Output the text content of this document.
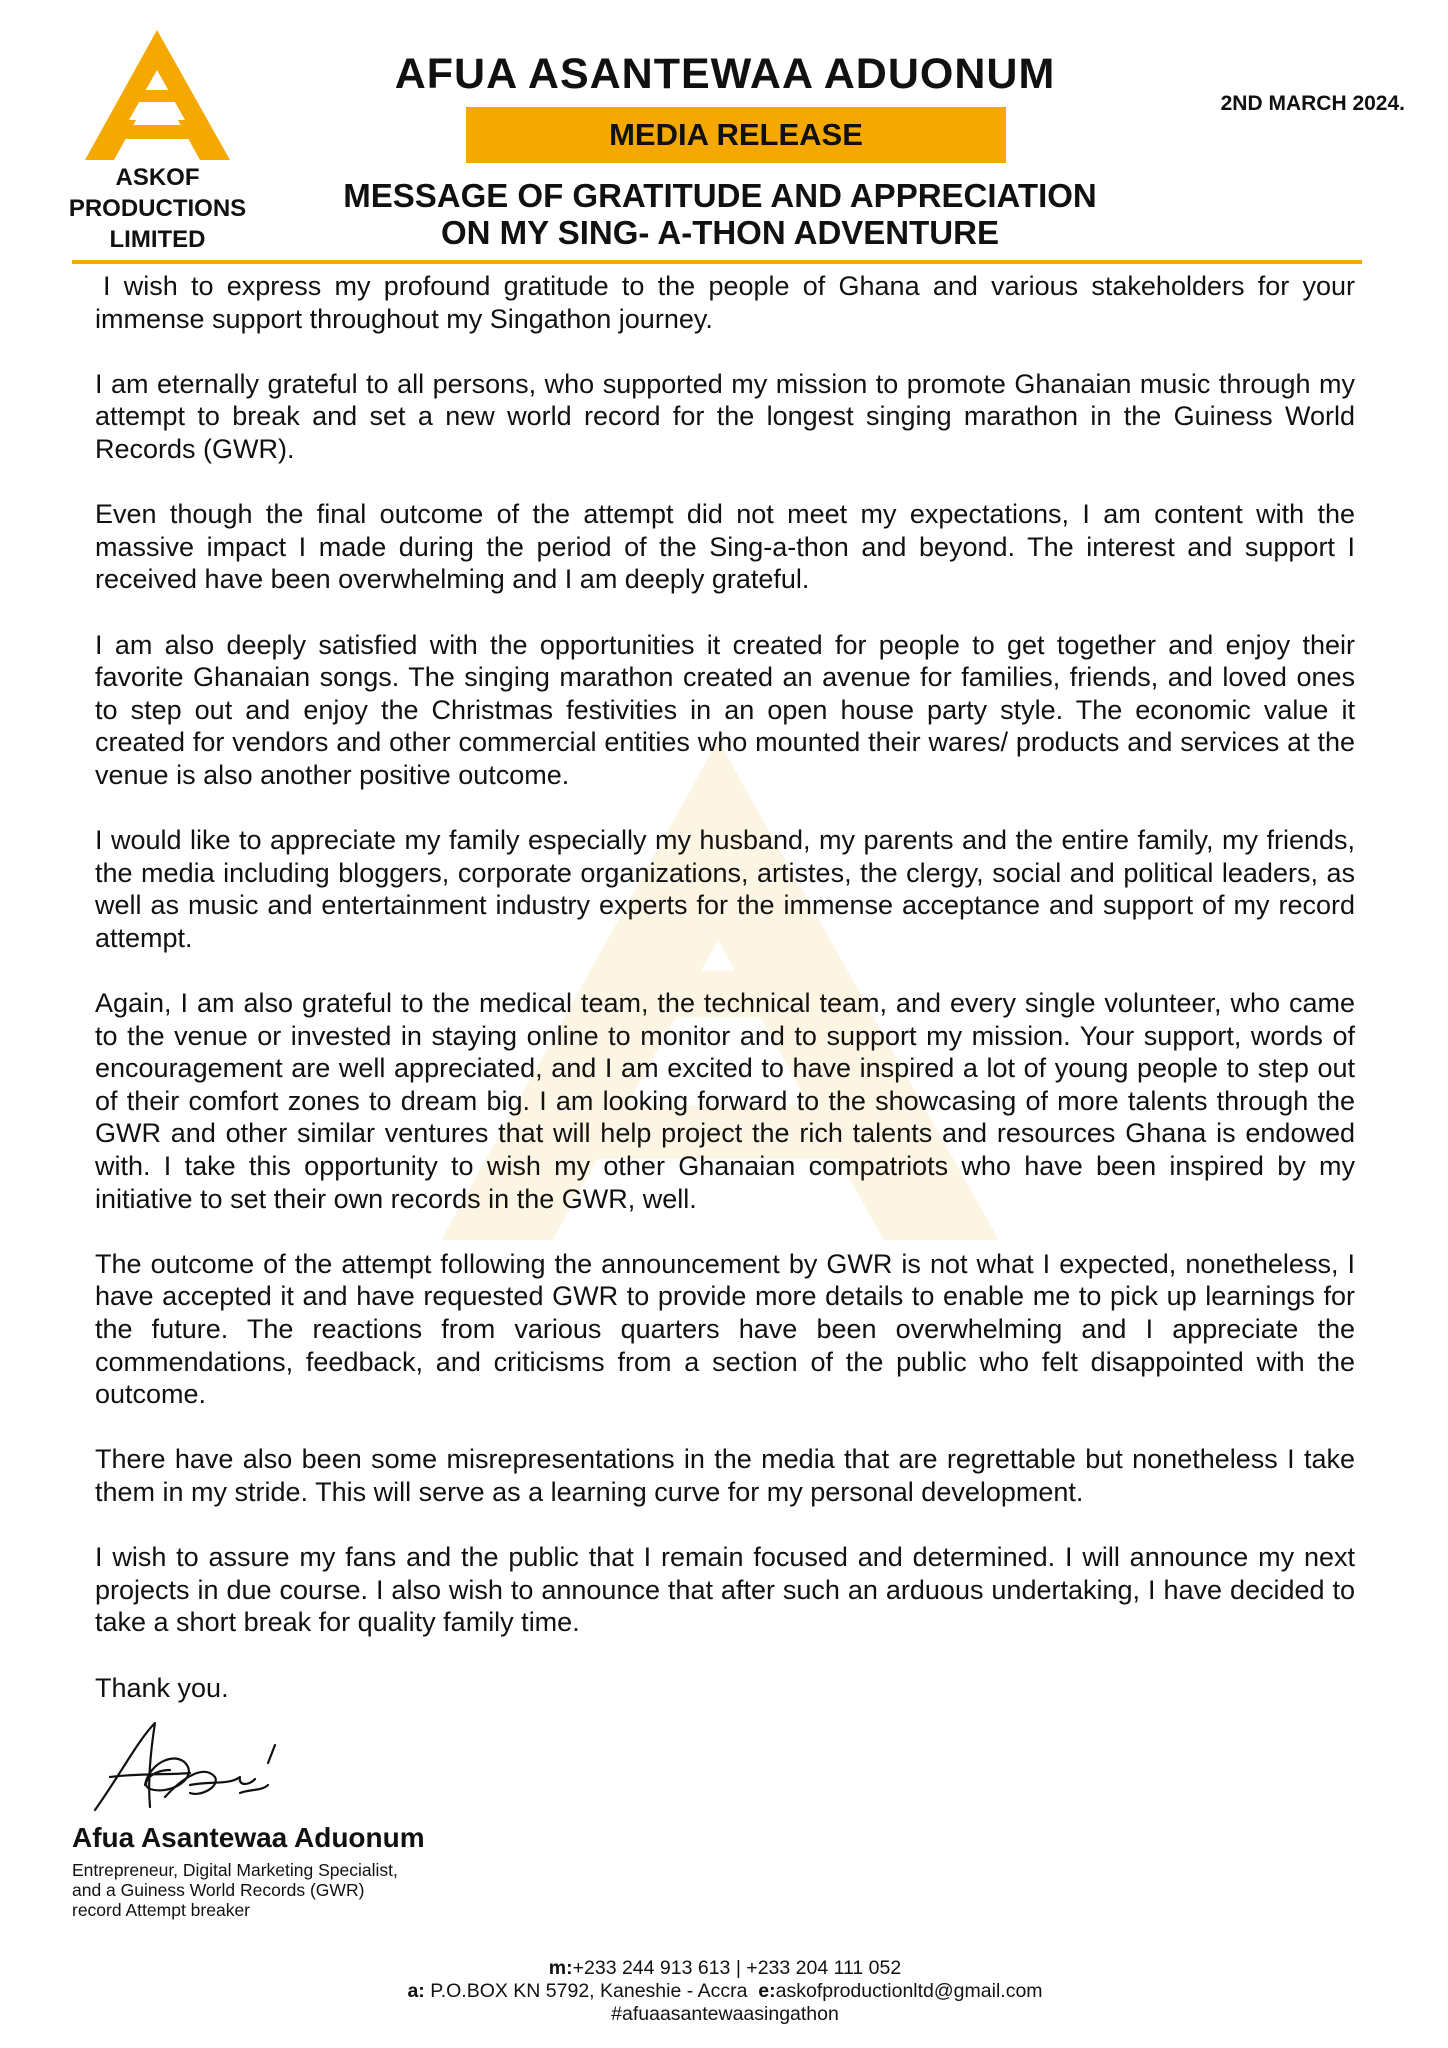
ASKOF
PRODUCTIONS
LIMITED
AFUA ASANTEWAA ADUONUM
2ND MARCH 2024.
MEDIA RELEASE
MESSAGE OF GRATITUDE AND APPRECIATION
ON MY SING- A-THON ADVENTURE

I wish to express my profound gratitude to the people of Ghana and various stakeholders for your immense support throughout my Singathon journey.

I am eternally grateful to all persons, who supported my mission to promote Ghanaian music through my attempt to break and set a new world record for the longest singing marathon in the Guiness World Records (GWR).

Even though the final outcome of the attempt did not meet my expectations, I am content with the massive impact I made during the period of the Sing-a-thon and beyond. The interest and support I received have been overwhelming and I am deeply grateful.

I am also deeply satisfied with the opportunities it created for people to get together and enjoy their favorite Ghanaian songs. The singing marathon created an avenue for families, friends, and loved ones to step out and enjoy the Christmas festivities in an open house party style. The economic value it created for vendors and other commercial entities who mounted their wares/ products and services at the venue is also another positive outcome.

I would like to appreciate my family especially my husband, my parents and the entire family, my friends, the media including bloggers, corporate organizations, artistes, the clergy, social and political leaders, as well as music and entertainment industry experts for the immense acceptance and support of my record attempt.

Again, I am also grateful to the medical team, the technical team, and every single volunteer, who came to the venue or invested in staying online to monitor and to support my mission. Your support, words of encouragement are well appreciated, and I am excited to have inspired a lot of young people to step out of their comfort zones to dream big. I am looking forward to the showcasing of more talents through the GWR and other similar ventures that will help project the rich talents and resources Ghana is endowed with. I take this opportunity to wish my other Ghanaian compatriots who have been inspired by my initiative to set their own records in the GWR, well.

The outcome of the attempt following the announcement by GWR is not what I expected, nonetheless, I have accepted it and have requested GWR to provide more details to enable me to pick up learnings for the future. The reactions from various quarters have been overwhelming and I appreciate the commendations, feedback, and criticisms from a section of the public who felt disappointed with the outcome.

There have also been some misrepresentations in the media that are regrettable but nonetheless I take them in my stride. This will serve as a learning curve for my personal development.

I wish to assure my fans and the public that I remain focused and determined. I will announce my next projects in due course. I also wish to announce that after such an arduous undertaking, I have decided to take a short break for quality family time.

Thank you.

Afua Asantewaa Aduonum
Entrepreneur, Digital Marketing Specialist,
and a Guiness World Records (GWR)
record Attempt breaker
m:+233 244 913 613 | +233 204 111 052
a: P.O.BOX KN 5792, Kaneshie - Accra e:askofproductionltd@gmail.com
#afuaasantewaasingathon
